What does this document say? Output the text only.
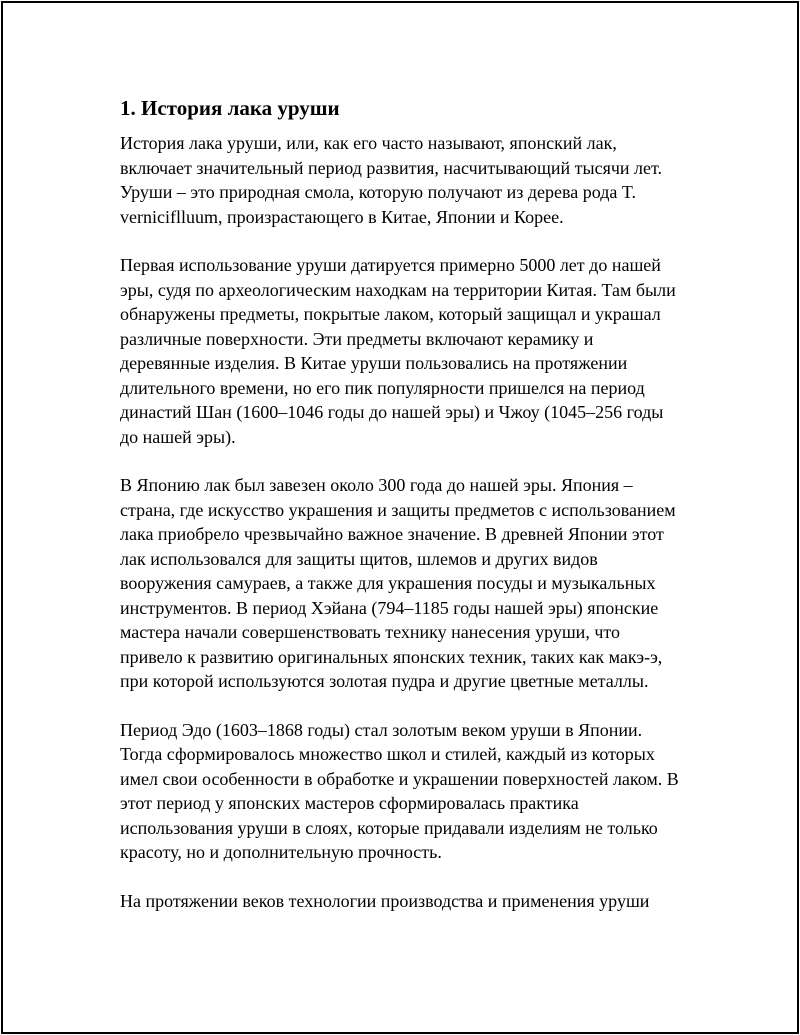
1. История лака уруши

История лака уруши, или, как его часто называют, японский лак, включает значительный период развития, насчитывающий тысячи лет. Уруши – это природная смола, которую получают из дерева рода T. verniciflluum, произрастающего в Китае, Японии и Корее.

Первая использование уруши датируется примерно 5000 лет до нашей эры, судя по археологическим находкам на территории Китая. Там были обнаружены предметы, покрытые лаком, который защищал и украшал различные поверхности. Эти предметы включают керамику и деревянные изделия. В Китае уруши пользовались на протяжении длительного времени, но его пик популярности пришелся на период династий Шан (1600–1046 годы до нашей эры) и Чжоу (1045–256 годы до нашей эры).

В Японию лак был завезен около 300 года до нашей эры. Япония – страна, где искусство украшения и защиты предметов с использованием лака приобрело чрезвычайно важное значение. В древней Японии этот лак использовался для защиты щитов, шлемов и других видов вооружения самураев, а также для украшения посуды и музыкальных инструментов. В период Хэйана (794–1185 годы нашей эры) японские мастера начали совершенствовать технику нанесения уруши, что привело к развитию оригинальных японских техник, таких как макэ-э, при которой используются золотая пудра и другие цветные металлы.

Период Эдо (1603–1868 годы) стал золотым веком уруши в Японии. Тогда сформировалось множество школ и стилей, каждый из которых имел свои особенности в обработке и украшении поверхностей лаком. В этот период у японских мастеров сформировалась практика использования уруши в слоях, которые придавали изделиям не только красоту, но и дополнительную прочность.

На протяжении веков технологии производства и применения уруши
